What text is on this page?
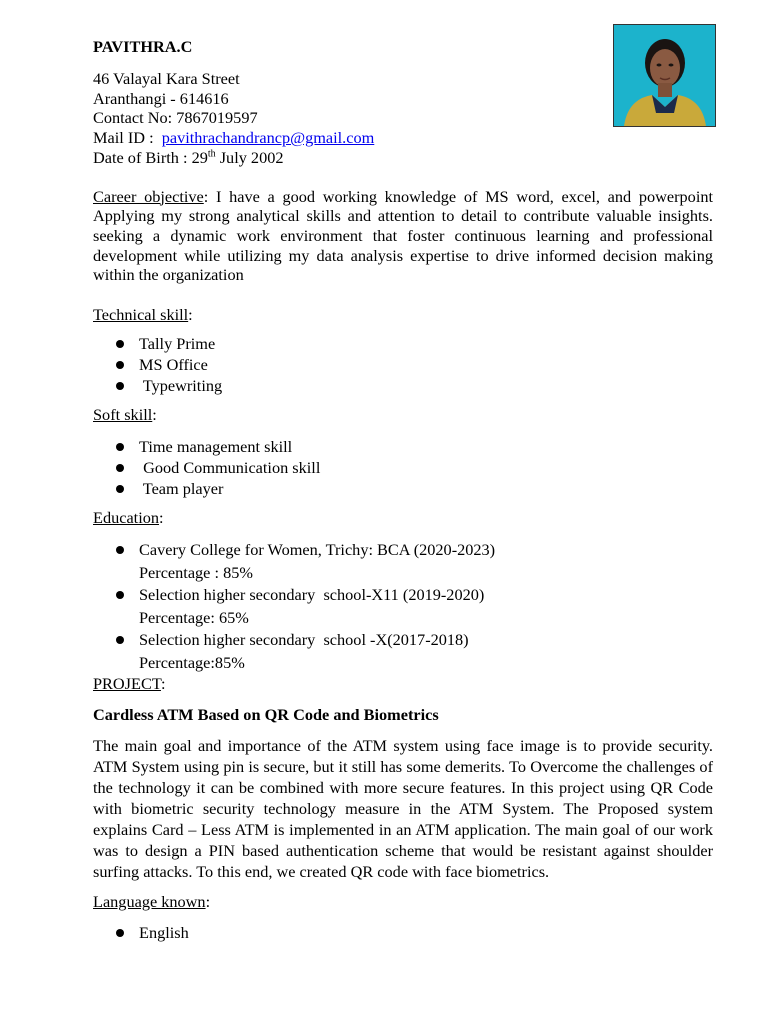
PAVITHRA.C

46 Valayal Kara Street
Aranthangi - 614616
Contact No: 7867019597
Mail ID : pavithrachandrancp@gmail.com
Date of Birth : 29th July 2002

Career objective: I have a good working knowledge of MS word, excel, and powerpoint Applying my strong analytical skills and attention to detail to contribute valuable insights. seeking a dynamic work environment that foster continuous learning and professional development while utilizing my data analysis expertise to drive informed decision making within the organization

Technical skill:
Tally Prime
MS Office
Typewriting
Soft skill:
Time management skill
Good Communication skill
Team player
Education:
Cavery College for Women, Trichy: BCA (2020-2023)
Percentage : 85%
Selection higher secondary  school-X11 (2019-2020)
Percentage: 65%
Selection higher secondary  school -X(2017-2018)
Percentage:85%
PROJECT:
Cardless ATM Based on QR Code and Biometrics

The main goal and importance of the ATM system using face image is to provide security. ATM System using pin is secure, but it still has some demerits. To Overcome the challenges of the technology it can be combined with more secure features. In this project using QR Code with biometric security technology measure in the ATM System. The Proposed system explains Card – Less ATM is implemented in an ATM application. The main goal of our work was to design a PIN based authentication scheme that would be resistant against shoulder surfing attacks. To this end, we created QR code with face biometrics.

Language known:
English
